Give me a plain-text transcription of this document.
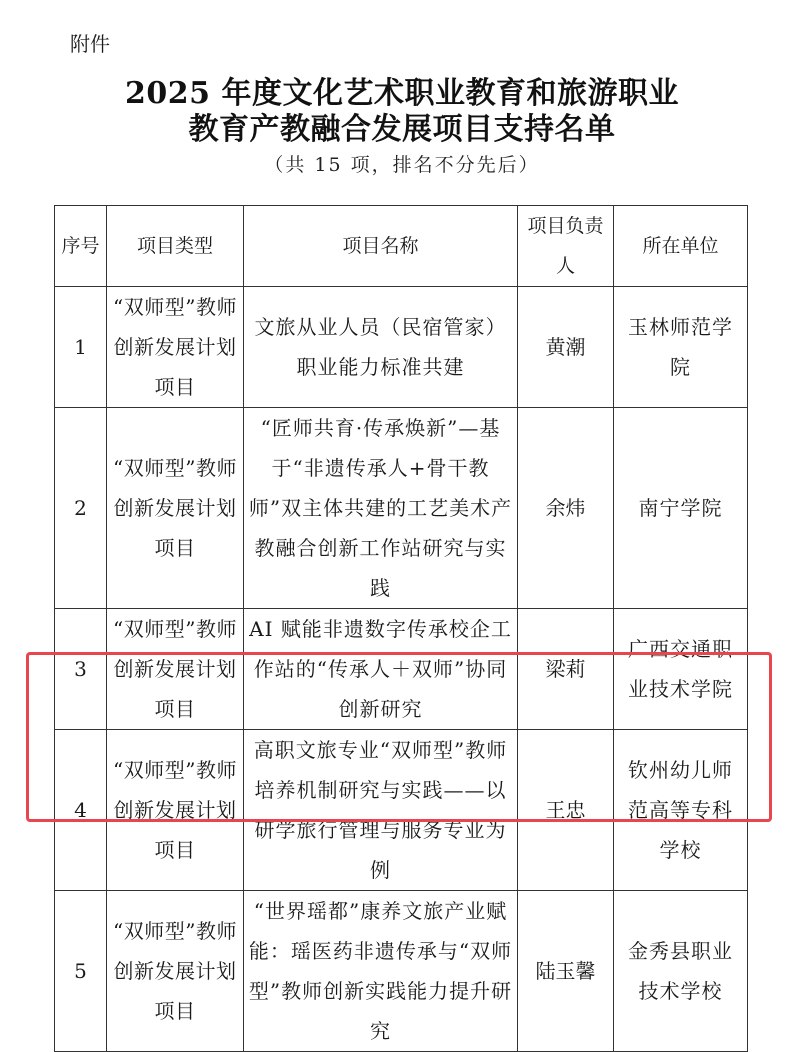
附件
2025 年度文化艺术职业教育和旅游职业
教育产教融合发展项目支持名单
（共 15 项，排名不分先后）
序号	项目类型	项目名称	项目负责人	所在单位
1	“双师型”教师创新发展计划项目	文旅从业人员（民宿管家）职业能力标准共建	黄潮	玉林师范学院
2	“双师型”教师创新发展计划项目	“匠师共育·传承焕新”—基于“非遗传承人+骨干教师”双主体共建的工艺美术产教融合创新工作站研究与实践	余炜	南宁学院
3	“双师型”教师创新发展计划项目	AI 赋能非遗数字传承校企工作站的“传承人＋双师”协同创新研究	梁莉	广西交通职业技术学院
4	“双师型”教师创新发展计划项目	高职文旅专业“双师型”教师培养机制研究与实践——以研学旅行管理与服务专业为例	王忠	钦州幼儿师范高等专科学校
5	“双师型”教师创新发展计划项目	“世界瑶都”康养文旅产业赋能：瑶医药非遗传承与“双师型”教师创新实践能力提升研究	陆玉馨	金秀县职业技术学校
